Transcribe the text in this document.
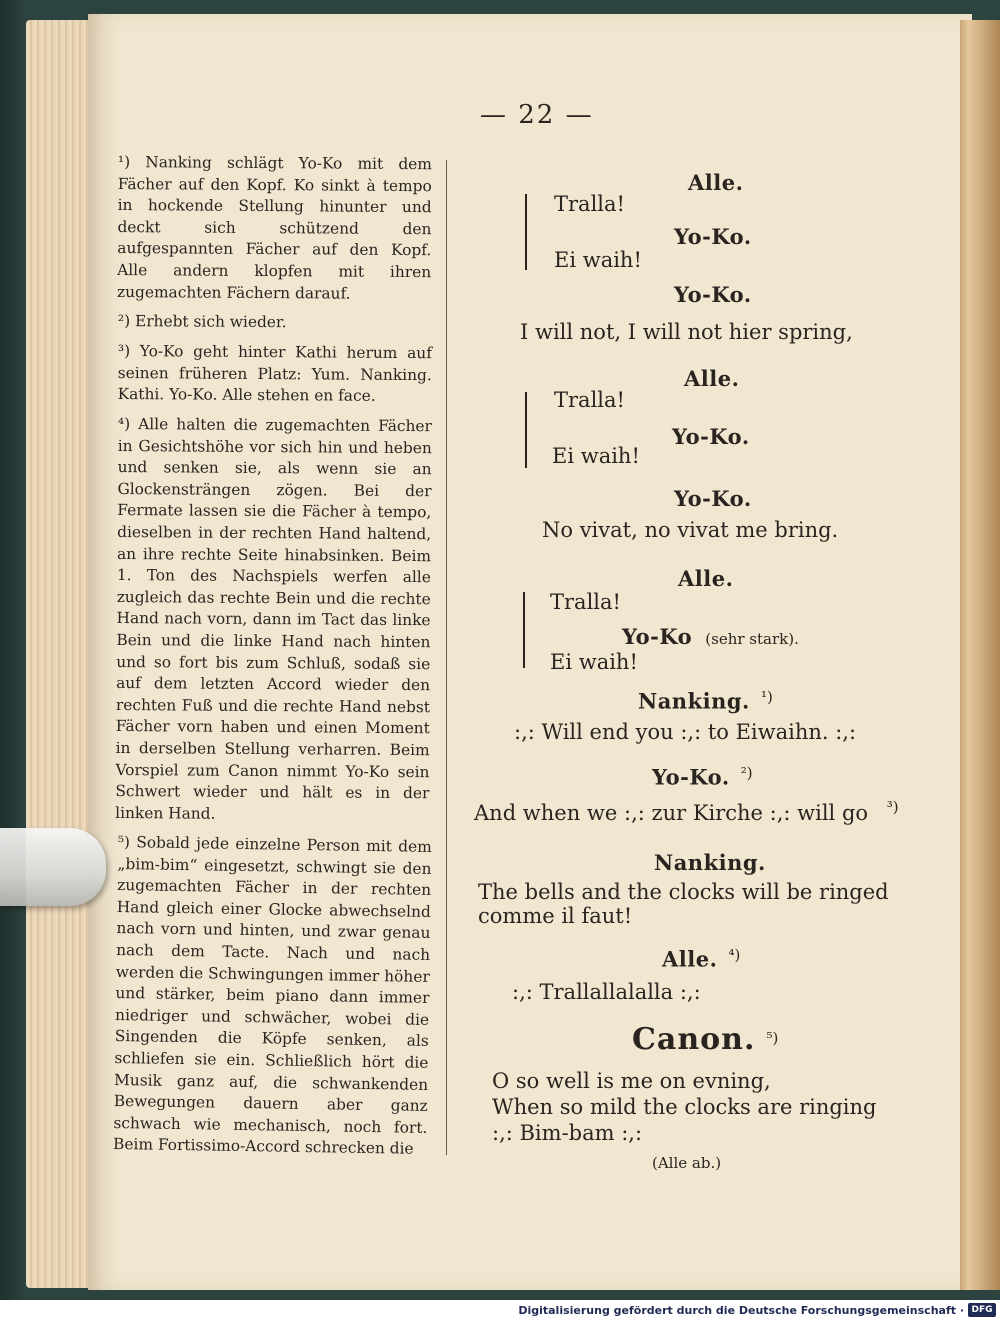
— 22 —

¹) Nanking schlägt Yo-Ko mit dem Fächer auf den Kopf. Ko sinkt à tempo in hockende Stellung hinunter und deckt sich schützend den aufgespannten Fächer auf den Kopf. Alle andern klopfen mit ihren zugemachten Fächern darauf.

²) Erhebt sich wieder.

³) Yo-Ko geht hinter Kathi herum auf seinen früheren Platz: Yum. Nanking. Kathi. Yo-Ko. Alle stehen en face.

⁴) Alle halten die zugemachten Fächer in Gesichtshöhe vor sich hin und heben und senken sie, als wenn sie an Glockensträngen zögen. Bei der Fermate lassen sie die Fächer à tempo, dieselben in der rechten Hand haltend, an ihre rechte Seite hinabsinken. Beim 1. Ton des Nachspiels werfen alle zugleich das rechte Bein und die rechte Hand nach vorn, dann im Tact das linke Bein und die linke Hand nach hinten und so fort bis zum Schluß, sodaß sie auf dem letzten Accord wieder den rechten Fuß und die rechte Hand nebst Fächer vorn haben und einen Moment in derselben Stellung verharren. Beim Vorspiel zum Canon nimmt Yo-Ko sein Schwert wieder und hält es in der linken Hand.

⁵) Sobald jede einzelne Person mit dem „bim-bim“ eingesetzt, schwingt sie den zugemachten Fächer in der rechten Hand gleich einer Glocke abwechselnd nach vorn und hinten, und zwar genau nach dem Tacte. Nach und nach werden die Schwingungen immer höher und stärker, beim piano dann immer niedriger und schwächer, wobei die Singenden die Köpfe senken, als schliefen sie ein. Schließlich hört die Musik ganz auf, die schwankenden Bewegungen dauern aber ganz schwach wie mechanisch, noch fort. Beim Fortissimo-Accord schrecken die

Alle.
Tralla!
Yo-Ko.
Ei waih!
Yo-Ko.
I will not, I will not hier spring,
Alle.
Tralla!
Yo-Ko.
Ei waih!
Yo-Ko.
No vivat, no vivat me bring.
Alle.
Tralla!
Yo-Ko (sehr stark).
Ei waih!
Nanking. ¹)
:,: Will end you :,: to Eiwaihn. :,:
Yo-Ko. ²)
And when we :,: zur Kirche :,: will go $^{^3)}$
Nanking.
The bells and the clocks will be ringed
comme il faut!
Alle. ⁴)
:,: Trallallalalla :,:
Canon. ⁵)
O so well is me on evning,
When so mild the clocks are ringing
:,: Bim-bam :,:
(Alle ab.)
Digitalisierung gefördert durch die Deutsche Forschungsgemeinschaft · DFG
